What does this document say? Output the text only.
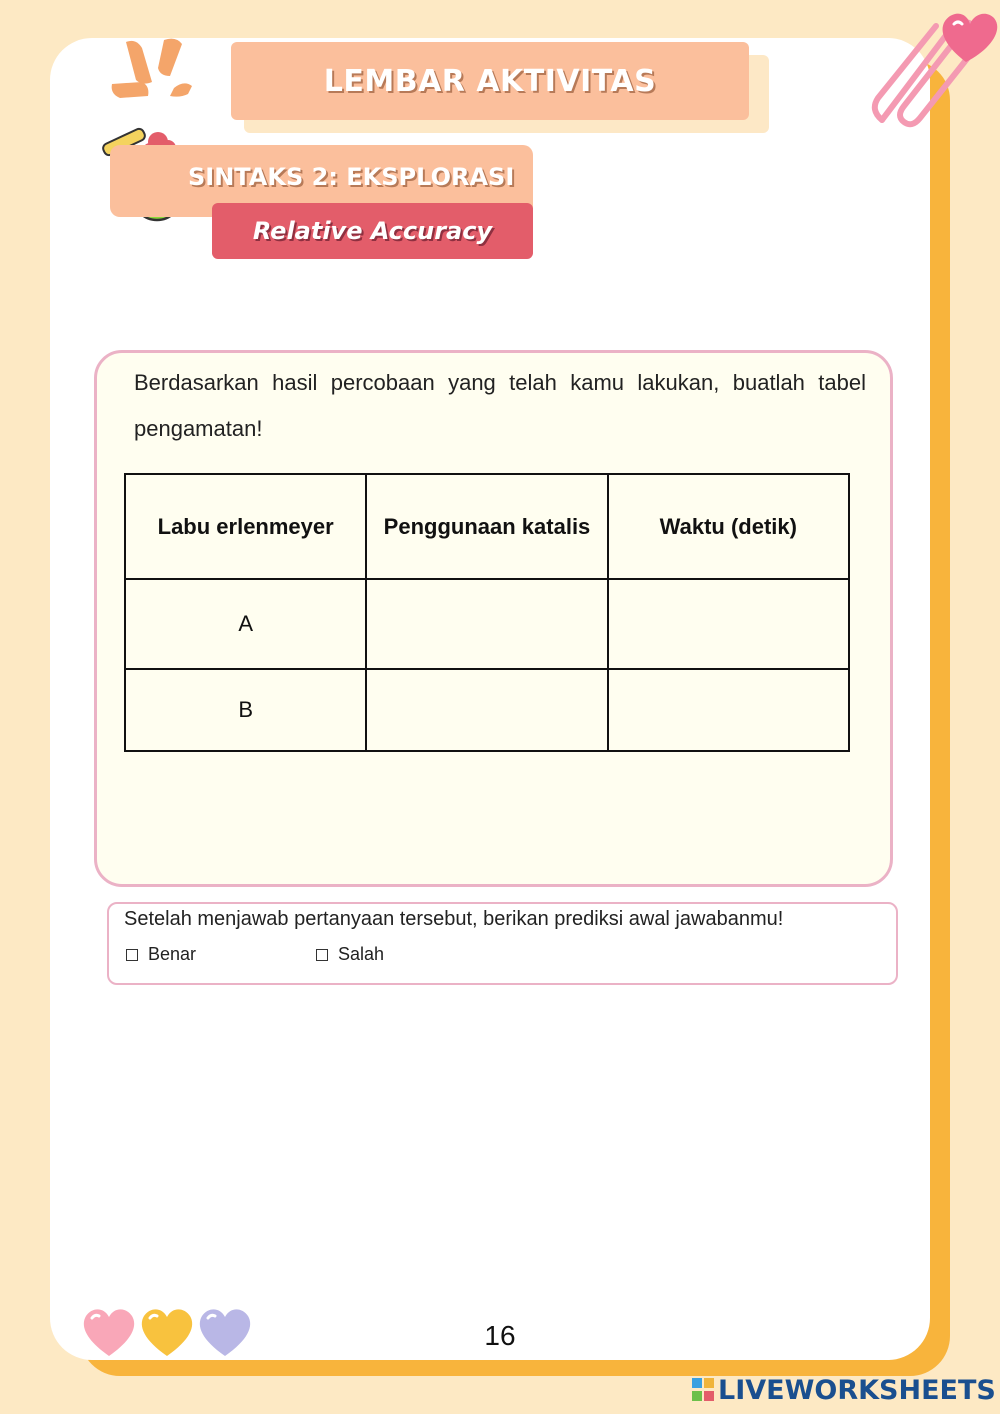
LEMBAR AKTIVITAS
SINTAKS 2: EKSPLORASI
Relative Accuracy

Berdasarkan hasil percobaan yang telah kamu lakukan, buatlah tabel pengamatan!

Labu erlenmeyer	Penggunaan katalis	Waktu (detik)
A		
B		
Setelah menjawab pertanyaan tersebut, berikan prediksi awal jawabanmu!
Benar	Salah
16
LIVEWORKSHEETS
